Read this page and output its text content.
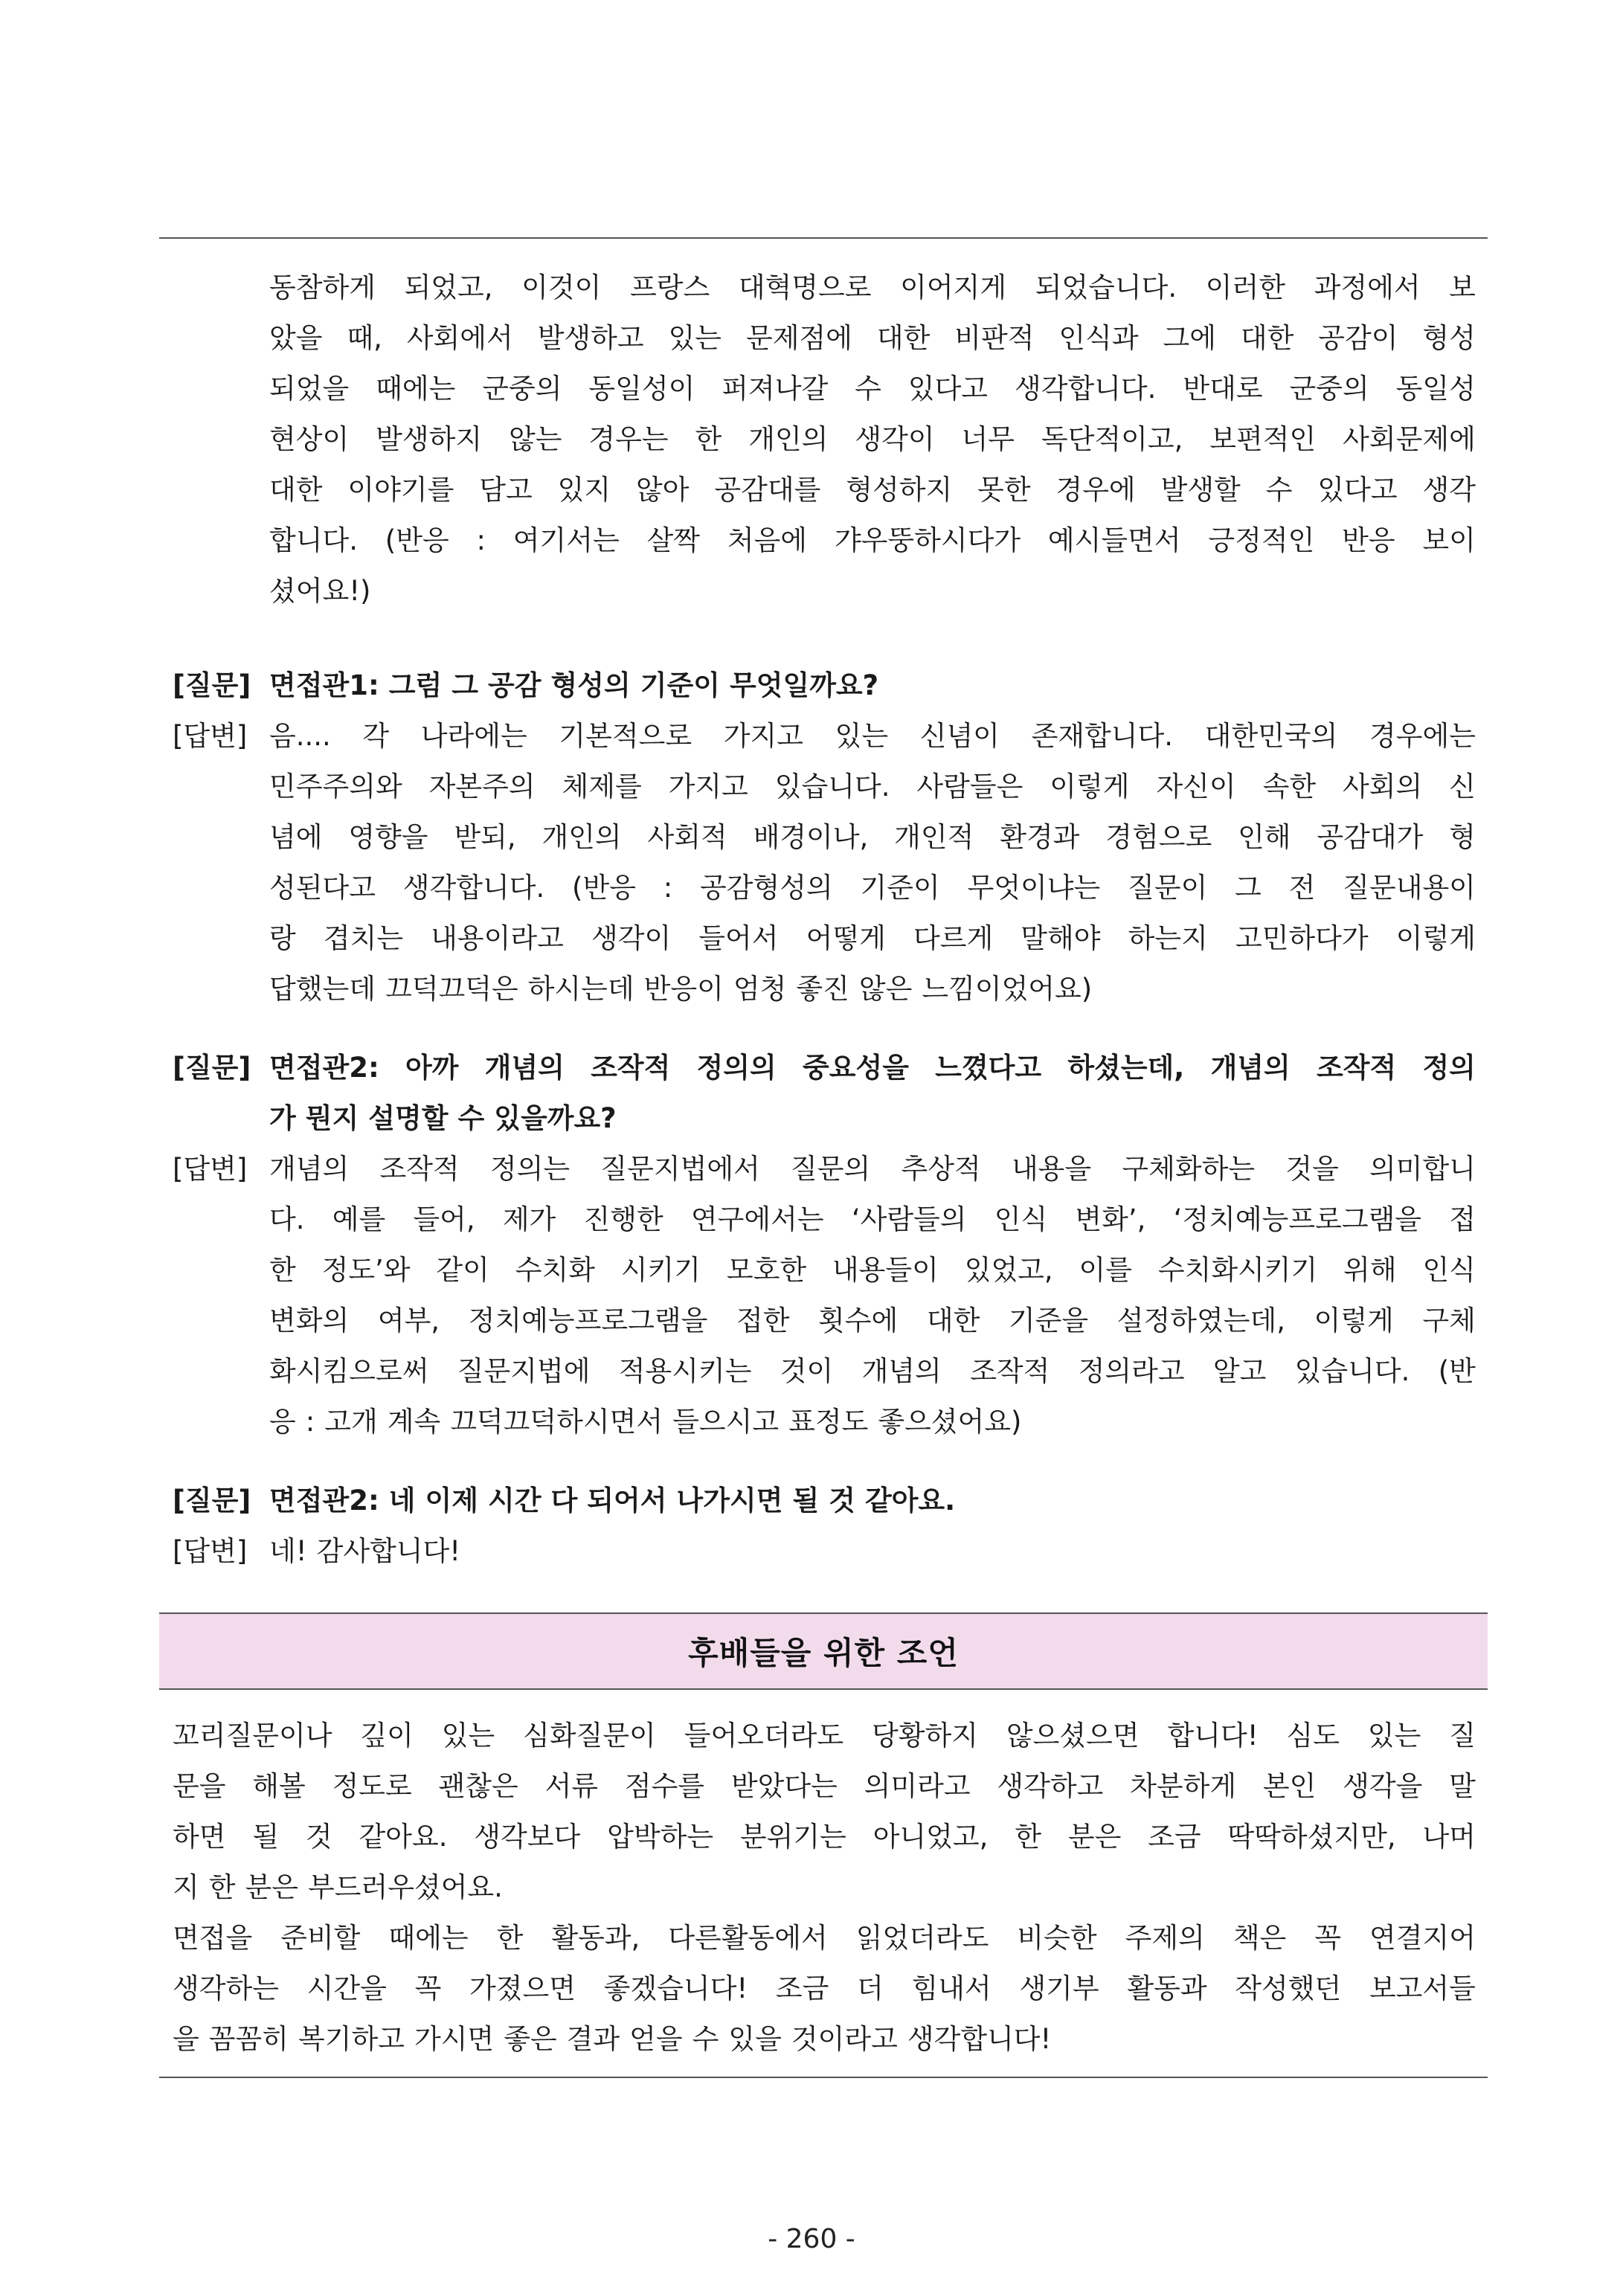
동참하게 되었고, 이것이 프랑스 대혁명으로 이어지게 되었습니다. 이러한 과정에서 보
았을 때, 사회에서 발생하고 있는 문제점에 대한 비판적 인식과 그에 대한 공감이 형성
되었을 때에는 군중의 동일성이 퍼져나갈 수 있다고 생각합니다. 반대로 군중의 동일성
현상이 발생하지 않는 경우는 한 개인의 생각이 너무 독단적이고, 보편적인 사회문제에
대한 이야기를 담고 있지 않아 공감대를 형성하지 못한 경우에 발생할 수 있다고 생각
합니다. (반응 : 여기서는 살짝 처음에 갸우뚱하시다가 예시들면서 긍정적인 반응 보이
셨어요!)
[질문] 면접관1: 그럼 그 공감 형성의 기준이 무엇일까요?
[답변] 음.... 각 나라에는 기본적으로 가지고 있는 신념이 존재합니다. 대한민국의 경우에는
민주주의와 자본주의 체제를 가지고 있습니다. 사람들은 이렇게 자신이 속한 사회의 신
념에 영향을 받되, 개인의 사회적 배경이나, 개인적 환경과 경험으로 인해 공감대가 형
성된다고 생각합니다. (반응 : 공감형성의 기준이 무엇이냐는 질문이 그 전 질문내용이
랑 겹치는 내용이라고 생각이 들어서 어떻게 다르게 말해야 하는지 고민하다가 이렇게
답했는데 끄덕끄덕은 하시는데 반응이 엄청 좋진 않은 느낌이었어요)
[질문] 면접관2: 아까 개념의 조작적 정의의 중요성을 느꼈다고 하셨는데, 개념의 조작적 정의
가 뭔지 설명할 수 있을까요?
[답변] 개념의 조작적 정의는 질문지법에서 질문의 추상적 내용을 구체화하는 것을 의미합니
다. 예를 들어, 제가 진행한 연구에서는 ‘사람들의 인식 변화’, ‘정치예능프로그램을 접
한 정도’와 같이 수치화 시키기 모호한 내용들이 있었고, 이를 수치화시키기 위해 인식
변화의 여부, 정치예능프로그램을 접한 횟수에 대한 기준을 설정하였는데, 이렇게 구체
화시킴으로써 질문지법에 적용시키는 것이 개념의 조작적 정의라고 알고 있습니다. (반
응 : 고개 계속 끄덕끄덕하시면서 들으시고 표정도 좋으셨어요)
[질문] 면접관2: 네 이제 시간 다 되어서 나가시면 될 것 같아요.
[답변] 네! 감사합니다!
후배들을 위한 조언
꼬리질문이나 깊이 있는 심화질문이 들어오더라도 당황하지 않으셨으면 합니다! 심도 있는 질
문을 해볼 정도로 괜찮은 서류 점수를 받았다는 의미라고 생각하고 차분하게 본인 생각을 말
하면 될 것 같아요. 생각보다 압박하는 분위기는 아니었고, 한 분은 조금 딱딱하셨지만, 나머
지 한 분은 부드러우셨어요.
면접을 준비할 때에는 한 활동과, 다른활동에서 읽었더라도 비슷한 주제의 책은 꼭 연결지어
생각하는 시간을 꼭 가졌으면 좋겠습니다! 조금 더 힘내서 생기부 활동과 작성했던 보고서들
을 꼼꼼히 복기하고 가시면 좋은 결과 얻을 수 있을 것이라고 생각합니다!
- 260 -
